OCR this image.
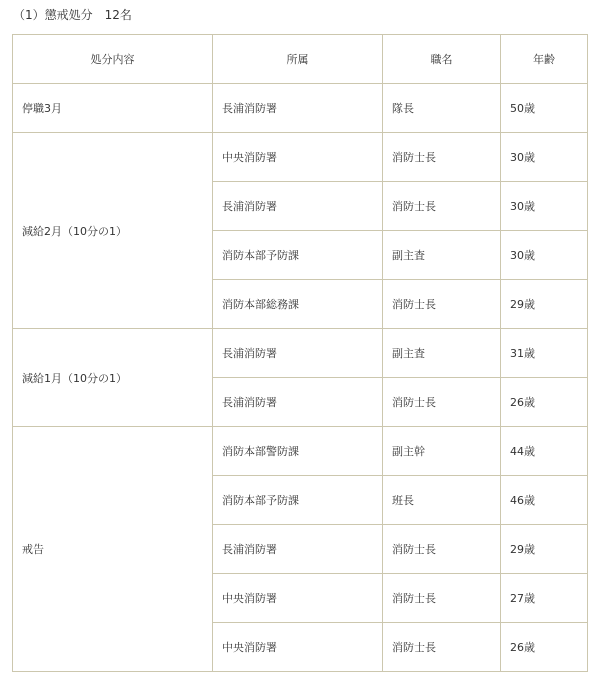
（1）懲戒処分　12名
処分内容	所属	職名	年齢
停職3月	長浦消防署	隊長	50歳
減給2月（10分の1）	中央消防署	消防士長	30歳
	長浦消防署	消防士長	30歳
	消防本部予防課	副主査	30歳
	消防本部総務課	消防士長	29歳
減給1月（10分の1）	長浦消防署	副主査	31歳
	長浦消防署	消防士長	26歳
戒告	消防本部警防課	副主幹	44歳
	消防本部予防課	班長	46歳
	長浦消防署	消防士長	29歳
	中央消防署	消防士長	27歳
	中央消防署	消防士長	26歳
